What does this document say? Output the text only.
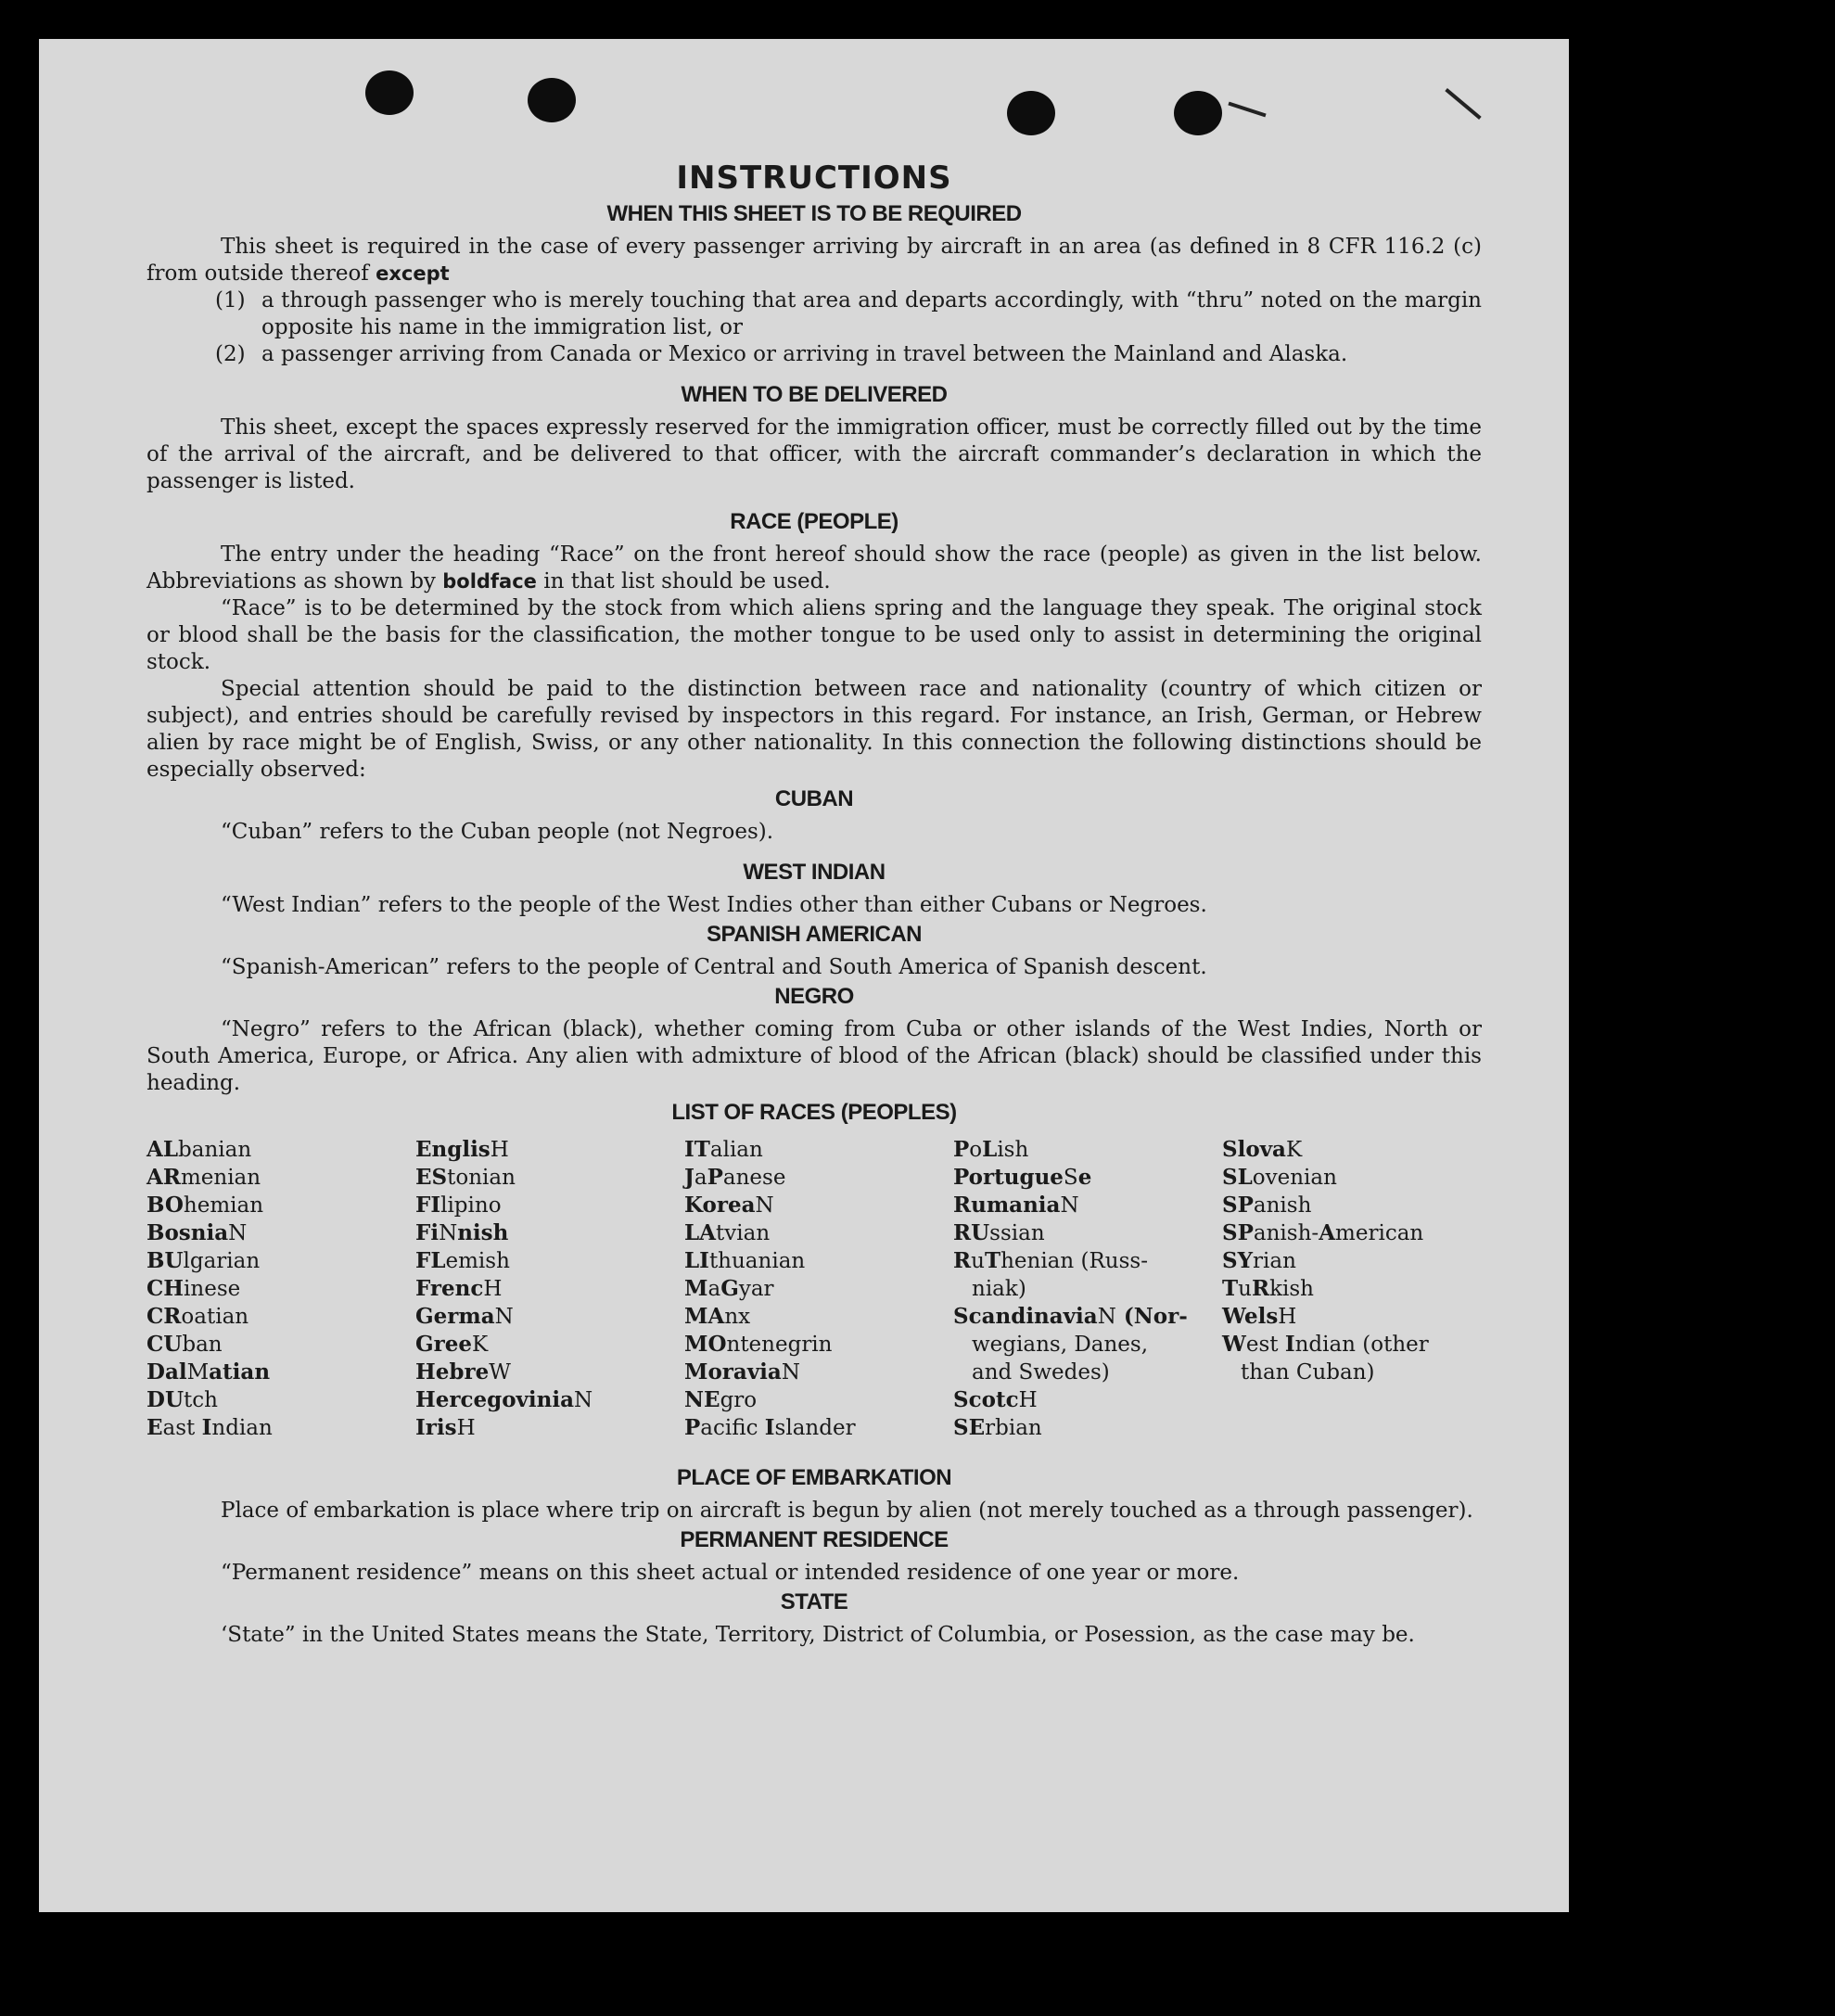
INSTRUCTIONS
WHEN THIS SHEET IS TO BE REQUIRED

This sheet is required in the case of every passenger arriving by aircraft in an area (as defined in 8 CFR 116.2 (c) from outside thereof except

(1) a through passenger who is merely touching that area and departs accordingly, with “thru” noted on the margin opposite his name in the immigration list, or

(2) a passenger arriving from Canada or Mexico or arriving in travel between the Mainland and Alaska.

WHEN TO BE DELIVERED

This sheet, except the spaces expressly reserved for the immigration officer, must be correctly filled out by the time of the arrival of the aircraft, and be delivered to that officer, with the aircraft commander’s declaration in which the passenger is listed.

RACE (PEOPLE)

The entry under the heading “Race” on the front hereof should show the race (people) as given in the list below. Abbreviations as shown by boldface in that list should be used.

“Race” is to be determined by the stock from which aliens spring and the language they speak. The original stock or blood shall be the basis for the classification, the mother tongue to be used only to assist in determining the original stock.

Special attention should be paid to the distinction between race and nationality (country of which citizen or subject), and entries should be carefully revised by inspectors in this regard. For instance, an Irish, German, or Hebrew alien by race might be of English, Swiss, or any other nationality. In this connection the following distinctions should be especially observed:

CUBAN

“Cuban” refers to the Cuban people (not Negroes).

WEST INDIAN

“West Indian” refers to the people of the West Indies other than either Cubans or Negroes.

SPANISH AMERICAN

“Spanish-American” refers to the people of Central and South America of Spanish descent.

NEGRO

“Negro” refers to the African (black), whether coming from Cuba or other islands of the West Indies, North or South America, Europe, or Africa. Any alien with admixture of blood of the African (black) should be classified under this heading.

LIST OF RACES (PEOPLES)
ALbanian
ARmenian
BOhemian
BosniaN
BUlgarian
CHinese
CRoatian
CUban
DalMatian
DUtch
East Indian
EnglisH
EStonian
FIlipino
FiNnish
FLemish
FrencH
GermaN
GreeK
HebreW
HercegoviniaN
IrisH
ITalian
JaPanese
KoreaN
LAtvian
LIthuanian
MaGyar
MAnx
MOntenegrin
MoraviaN
NEgro
Pacific Islander
PoLish
PortugueSe
RumaniaN
RUssian
RuThenian (Russ-
niak)
ScandinaviaN (Nor-
wegians, Danes,
and Swedes)
ScotcH
SErbian
SlovaK
SLovenian
SPanish
SPanish-American
SYrian
TuRkish
WelsH
West Indian (other
than Cuban)
PLACE OF EMBARKATION

Place of embarkation is place where trip on aircraft is begun by alien (not merely touched as a through passenger).

PERMANENT RESIDENCE

“Permanent residence” means on this sheet actual or intended residence of one year or more.

STATE

‘State” in the United States means the State, Territory, District of Columbia, or Posession, as the case may be.
